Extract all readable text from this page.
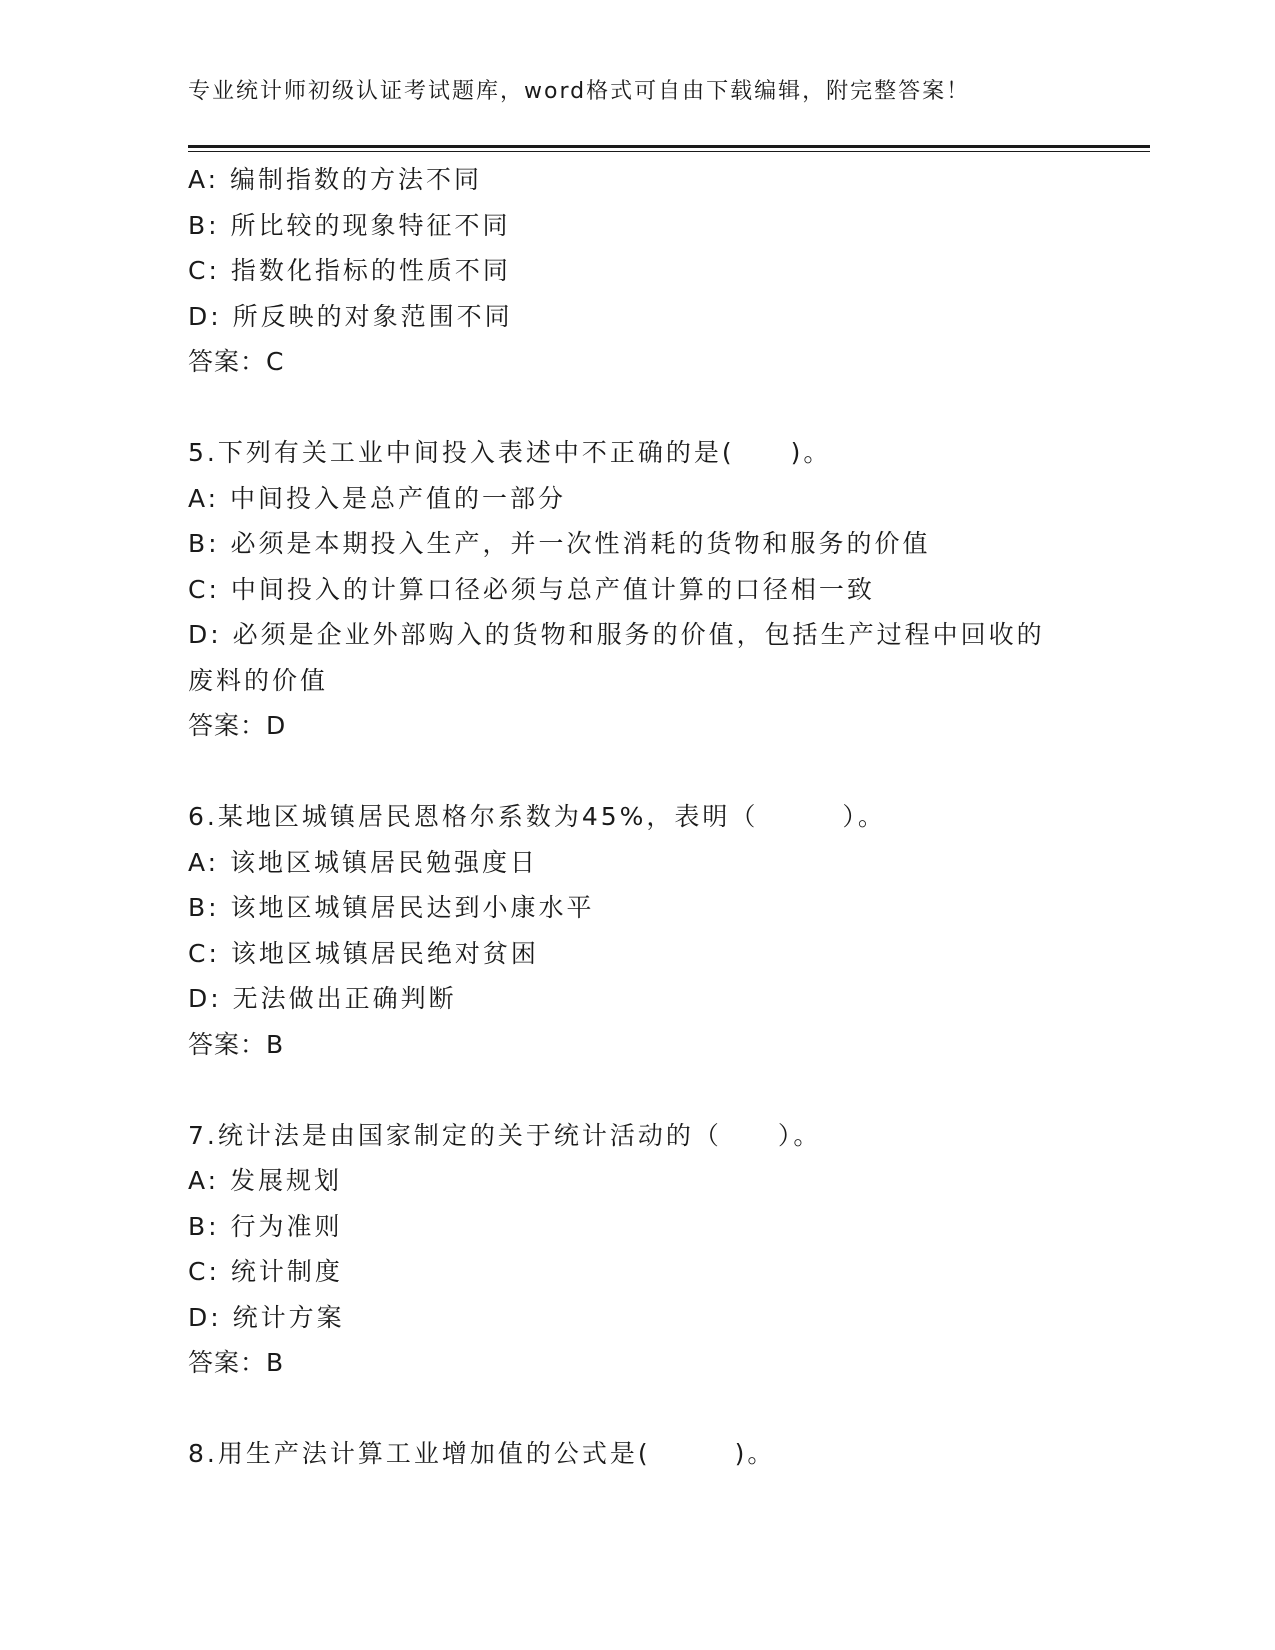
专业统计师初级认证考试题库，word格式可自由下载编辑，附完整答案！
A: 编制指数的方法不同
B: 所比较的现象特征不同
C: 指数化指标的性质不同
D: 所反映的对象范围不同
答案：C
5.下列有关工业中间投入表述中不正确的是(　　)。
A: 中间投入是总产值的一部分
B: 必须是本期投入生产，并一次性消耗的货物和服务的价值
C: 中间投入的计算口径必须与总产值计算的口径相一致
D: 必须是企业外部购入的货物和服务的价值，包括生产过程中回收的
废料的价值
答案：D
6.某地区城镇居民恩格尔系数为45%，表明（　　　）。
A: 该地区城镇居民勉强度日
B: 该地区城镇居民达到小康水平
C: 该地区城镇居民绝对贫困
D: 无法做出正确判断
答案：B
7.统计法是由国家制定的关于统计活动的（　　）。
A: 发展规划
B: 行为准则
C: 统计制度
D: 统计方案
答案：B
8.用生产法计算工业增加值的公式是(　　　)。
